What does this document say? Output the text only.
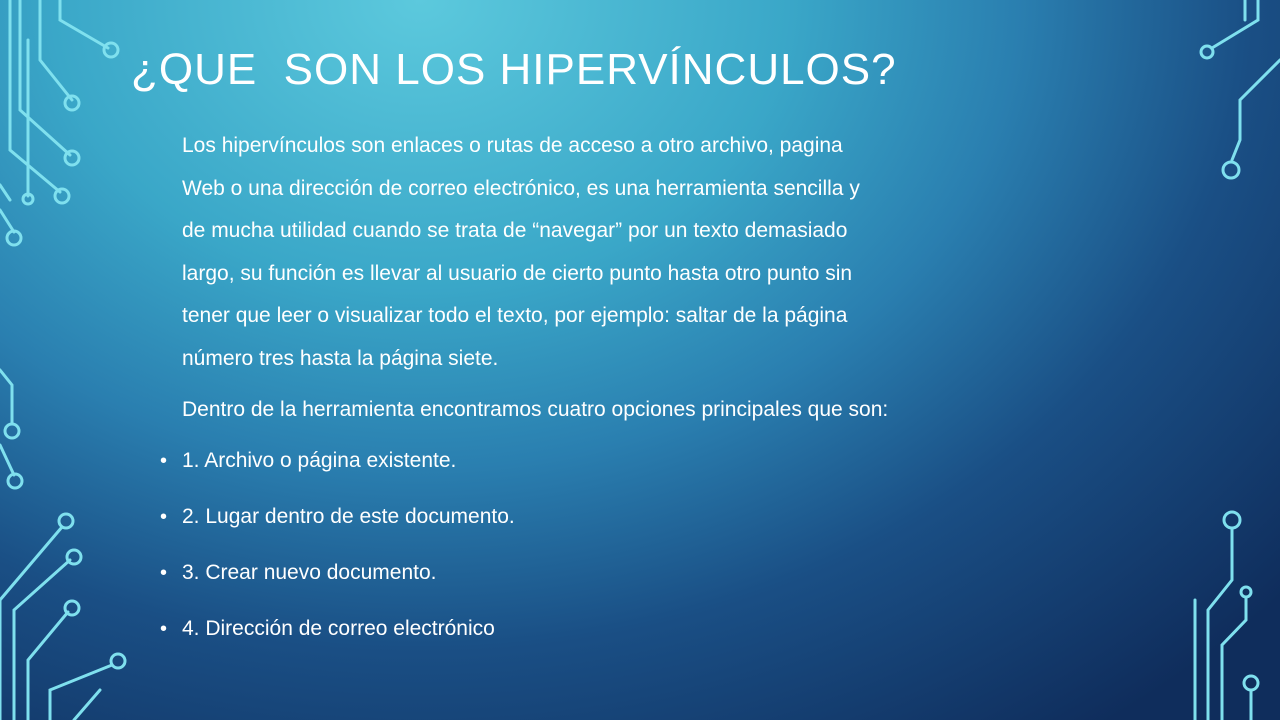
¿QUE  SON LOS HIPERVÍNCULOS?

Los hipervínculos son enlaces o rutas de acceso a otro archivo, pagina
Web o una dirección de correo electrónico, es una herramienta sencilla y
de mucha utilidad cuando se trata de “navegar” por un texto demasiado
largo, su función es llevar al usuario de cierto punto hasta otro punto sin
tener que leer o visualizar todo el texto, por ejemplo: saltar de la página
número tres hasta la página siete.

Dentro de la herramienta encontramos cuatro opciones principales que son:

• 1. Archivo o página existente.
• 2. Lugar dentro de este documento.
• 3. Crear nuevo documento.
• 4. Dirección de correo electrónico
